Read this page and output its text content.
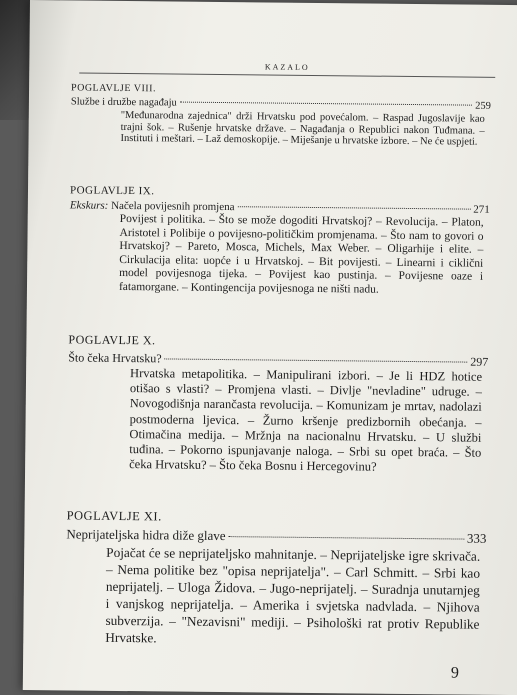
KAZALO
POGLAVLJE VIII.
Službe i družbe nagađaju	259
"Međunarodna zajednica" drži Hrvatsku pod povećalom. – Raspad Jugoslavije kao trajni šok. – Rušenje hrvatske države. – Nagađanja o Republici nakon Tuđmana. – Instituti i meštari. – Laž demoskopije. – Miješanje u hrvatske izbore. – Ne će uspjeti.
POGLAVLJE IX.
Ekskurs: Načela povijesnih promjena	271
Povijest i politika. – Što se može dogoditi Hrvatskoj? – Revolucija. – Platon, Aristotel i Polibije o povijesno-političkim promjenama. – Što nam to govori o Hrvatskoj? – Pareto, Mosca, Michels, Max Weber. – Oligarhije i elite. – Cirkulacija elita: uopće i u Hrvatskoj. – Bit povijesti. – Linearni i ciklični model povijesnoga tijeka. – Povijest kao pustinja. – Povijesne oaze i fatamorgane. – Kontingencija povijesnoga ne ništi nadu.
POGLAVLJE X.
Što čeka Hrvatsku?	297
Hrvatska metapolitika. – Manipulirani izbori. – Je li HDZ hotice otišao s vlasti? – Promjena vlasti. – Divlje "nevladine" udruge. – Novogodišnja narančasta revolucija. – Komunizam je mrtav, nadolazi postmoderna ljevica. – Žurno kršenje predizbornih obećanja. – Otimačina medija. – Mržnja na nacionalnu Hrvatsku. – U službi tuđina. – Pokorno ispunjavanje naloga. – Srbi su opet braća. – Što čeka Hrvatsku? – Što čeka Bosnu i Hercegovinu?
POGLAVLJE XI.
Neprijateljska hidra diže glave	333
Pojačat će se neprijateljsko mahnitanje. – Neprijateljske igre skrivača. – Nema politike bez "opisa neprijatelja". – Carl Schmitt. – Srbi kao neprijatelj. – Uloga Židova. – Jugo-neprijatelj. – Suradnja unutarnjeg i vanjskog neprijatelja. – Amerika i svjetska nadvlada. – Njihova subverzija. – "Nezavisni" mediji. – Psihološki rat protiv Republike Hrvatske.
9
